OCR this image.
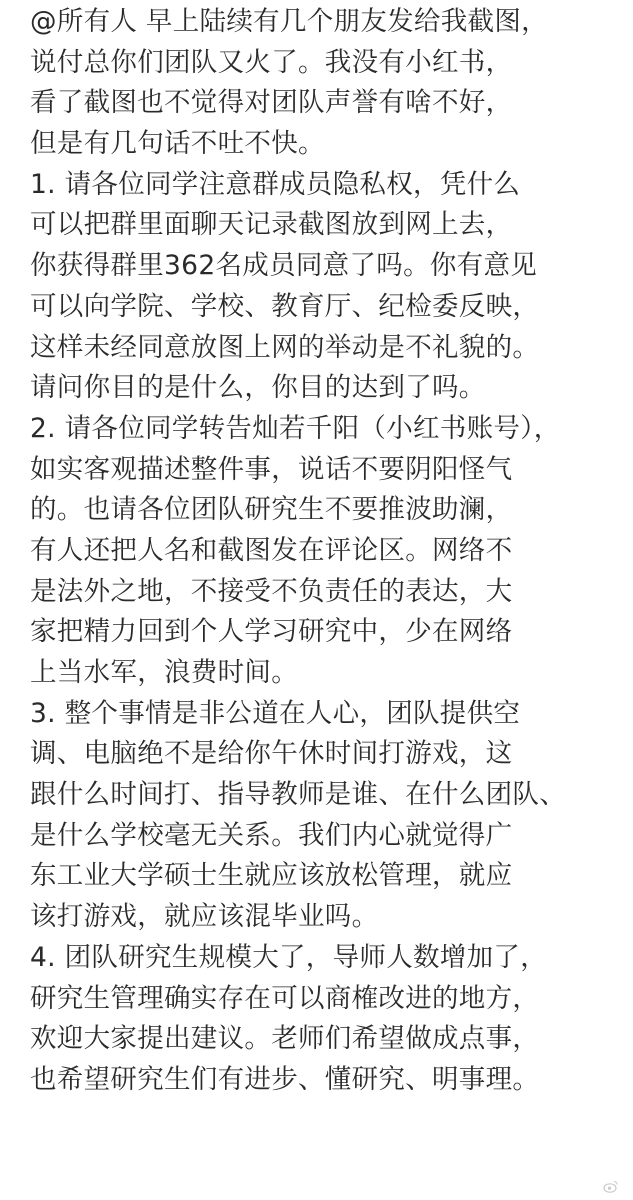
@所有人 早上陆续有几个朋友发给我截图，
说付总你们团队又火了。我没有小红书，
看了截图也不觉得对团队声誉有啥不好，
但是有几句话不吐不快。
1. 请各位同学注意群成员隐私权，凭什么
可以把群里面聊天记录截图放到网上去，
你获得群里362名成员同意了吗。你有意见
可以向学院、学校、教育厅、纪检委反映，
这样未经同意放图上网的举动是不礼貌的。
请问你目的是什么，你目的达到了吗。
2. 请各位同学转告灿若千阳（小红书账号），
如实客观描述整件事，说话不要阴阳怪气
的。也请各位团队研究生不要推波助澜，
有人还把人名和截图发在评论区。网络不
是法外之地，不接受不负责任的表达，大
家把精力回到个人学习研究中，少在网络
上当水军，浪费时间。
3. 整个事情是非公道在人心，团队提供空
调、电脑绝不是给你午休时间打游戏，这
跟什么时间打、指导教师是谁、在什么团队、
是什么学校毫无关系。我们内心就觉得广
东工业大学硕士生就应该放松管理，就应
该打游戏，就应该混毕业吗。
4. 团队研究生规模大了，导师人数增加了，
研究生管理确实存在可以商榷改进的地方，
欢迎大家提出建议。老师们希望做成点事，
也希望研究生们有进步、懂研究、明事理。
